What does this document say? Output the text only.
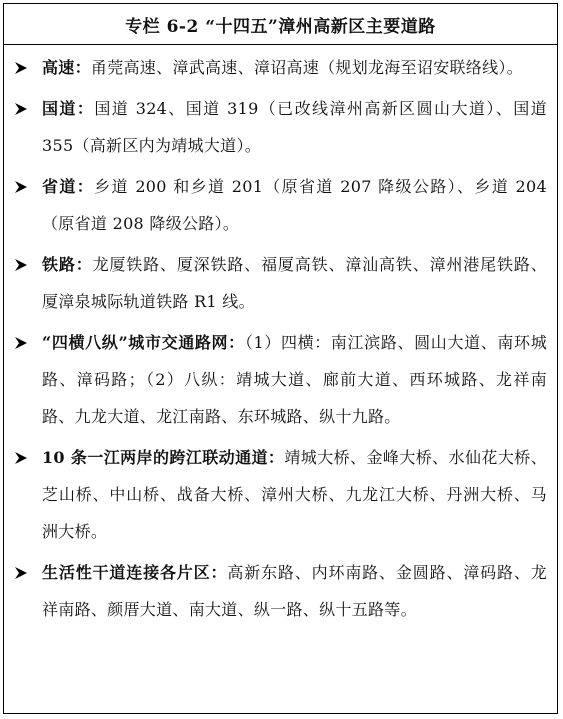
专栏 6-2 “十四五”漳州高新区主要道路
高速：甬莞高速、漳武高速、漳诏高速（规划龙海至诏安联络线）。
国道：国道 324、国道 319（已改线漳州高新区圆山大道）、国道 355（高新区内为靖城大道）。
省道：乡道 200 和乡道 201（原省道 207 降级公路）、乡道 204（原省道 208 降级公路）。
铁路：龙厦铁路、厦深铁路、福厦高铁、漳汕高铁、漳州港尾铁路、厦漳泉城际轨道铁路 R1 线。
“四横八纵”城市交通路网：（1）四横：南江滨路、圆山大道、南环城路、漳码路；（2）八纵：靖城大道、廊前大道、西环城路、龙祥南路、九龙大道、龙江南路、东环城路、纵十九路。
10 条一江两岸的跨江联动通道：靖城大桥、金峰大桥、水仙花大桥、芝山桥、中山桥、战备大桥、漳州大桥、九龙江大桥、丹洲大桥、马洲大桥。
生活性干道连接各片区：高新东路、内环南路、金圆路、漳码路、龙祥南路、颜厝大道、南大道、纵一路、纵十五路等。
